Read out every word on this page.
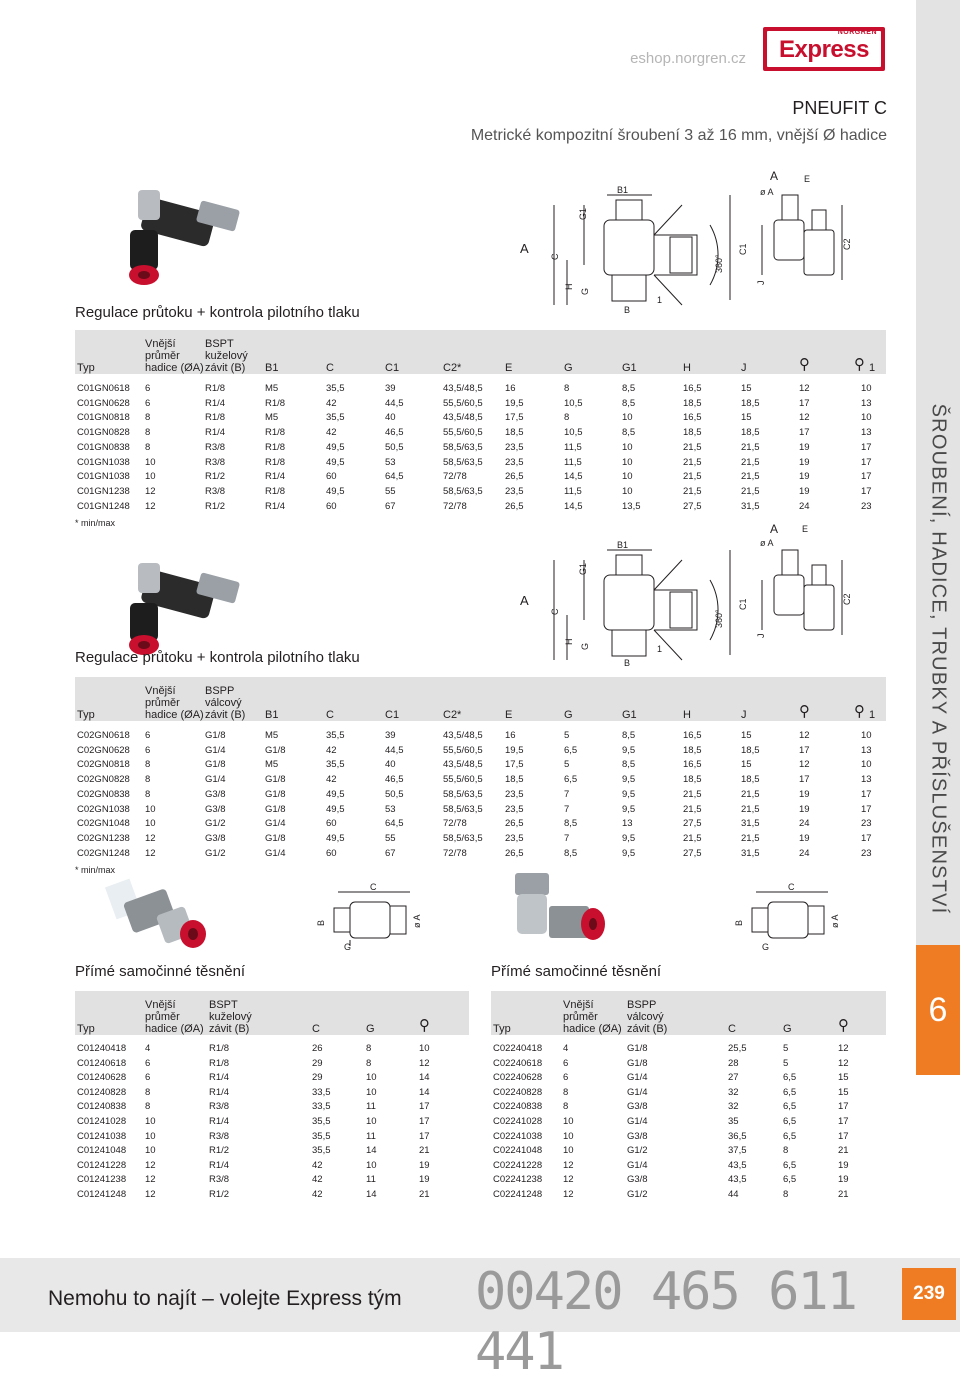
ŠROUBENÍ, HADICE, TRUBKY A PŘÍSLUŠENSTVÍ
6
eshop.norgren.cz
NORGREN
Express
PNEUFIT C
Metrické kompozitní šroubení 3 až 16 mm, vnější Ø hadice
A
C
H
G
G1
B1
B
360°
C1	C2
A	E
ø A
J
1
A
C
H
G
G1
B1
B
360°
C1	C2
A	E
ø A
J
1
C
B
G
ø A
C
B
G
ø A
Regulace průtoku + kontrola pilotního tlaku
Regulace průtoku + kontrola pilotního tlaku
Přímé samočinné těsnění	Přímé samočinné těsnění
Typ
Vnější
průměr
hadice (ØA)
BSPT
kuželový
závit (B) B1	C	C1	C2*	E	G	G1	H	J	⚲	⚲ 1
C01GN0618 6	R1/8	M5	35,5	39	43,5/48,5 16	8	8,5	16,5	15	12	10
C01GN0628 6	R1/4	R1/8	42	44,5	55,5/60,5 19,5	10,5	8,5	18,5	18,5	17	13
C01GN0818 8	R1/8	M5	35,5	40	43,5/48,5 17,5	8	10	16,5	15	12	10
C01GN0828 8	R1/4	R1/8	42	46,5	55,5/60,5 18,5	10,5	8,5	18,5	18,5	17	13
C01GN0838 8	R3/8	R1/8	49,5	50,5	58,5/63,5 23,5	11,5	10	21,5	21,5	19	17
C01GN1038 10	R3/8	R1/8	49,5	53	58,5/63,5 23,5	11,5	10	21,5	21,5	19	17
C01GN1038 10	R1/2	R1/4	60	64,5	72/78	26,5	14,5	10	21,5	21,5	19	17
C01GN1238 12	R3/8	R1/8	49,5	55	58,5/63,5 23,5	11,5	10	21,5	21,5	19	17
C01GN1248 12	R1/2	R1/4	60	67	72/78	26,5	14,5	13,5	27,5	31,5	24	23
* min/max
Typ
Vnější
průměr
hadice (ØA)
BSPP
válcový
závit (B) B1	C	C1	C2*	E	G	G1	H	J	⚲	⚲ 1
C02GN0618 6	G1/8	M5	35,5	39	43,5/48,5 16	5	8,5	16,5	15	12	10
C02GN0628 6	G1/4	G1/8	42	44,5	55,5/60,5 19,5	6,5	9,5	18,5	18,5	17	13
C02GN0818 8	G1/8	M5	35,5	40	43,5/48,5 17,5	5	8,5	16,5	15	12	10
C02GN0828 8	G1/4	G1/8	42	46,5	55,5/60,5 18,5	6,5	9,5	18,5	18,5	17	13
C02GN0838 8	G3/8	G1/8	49,5	50,5	58,5/63,5 23,5	7	9,5	21,5	21,5	19	17
C02GN1038 10	G3/8	G1/8	49,5	53	58,5/63,5 23,5	7	9,5	21,5	21,5	19	17
C02GN1048 10	G1/2	G1/4	60	64,5	72/78	26,5	8,5	13	27,5	31,5	24	23
C02GN1238 12	G3/8	G1/8	49,5	55	58,5/63,5 23,5	7	9,5	21,5	21,5	19	17
C02GN1248 12	G1/2	G1/4	60	67	72/78	26,5	8,5	9,5	27,5	31,5	24	23
* min/max
Typ
Vnější
průměr
hadice (ØA)
BSPT
kuželový
závit (B)	C	G	⚲
C01240418 4	R1/8	26	8	10
C01240618 6	R1/8	29	8	12
C01240628 6	R1/4	29	10	14
C01240828 8	R1/4	33,5	10	14
C01240838 8	R3/8	33,5	11	17
C01241028 10	R1/4	35,5	10	17
C01241038 10	R3/8	35,5	11	17
C01241048 10	R1/2	35,5	14	21
C01241228 12	R1/4	42	10	19
C01241238 12	R3/8	42	11	19
C01241248 12	R1/2	42	14	21
Typ
Vnější
průměr
hadice (ØA)
BSPP
válcový
závit (B)	C	G	⚲
C02240418 4	G1/8	25,5	5	12
C02240618 6	G1/8	28	5	12
C02240628 6	G1/4	27	6,5	15
C02240828 8	G1/4	32	6,5	15
C02240838 8	G3/8	32	6,5	17
C02241028 10	G1/4	35	6,5	17
C02241038 10	G3/8	36,5	6,5	17
C02241048 10	G1/2	37,5	8	21
C02241228 12	G1/4	43,5	6,5	19
C02241238 12	G3/8	43,5	6,5	19
C02241248 12	G1/2	44	8	21
Nemohu to najít – volejte Express tým 00420 465 611 441
239
